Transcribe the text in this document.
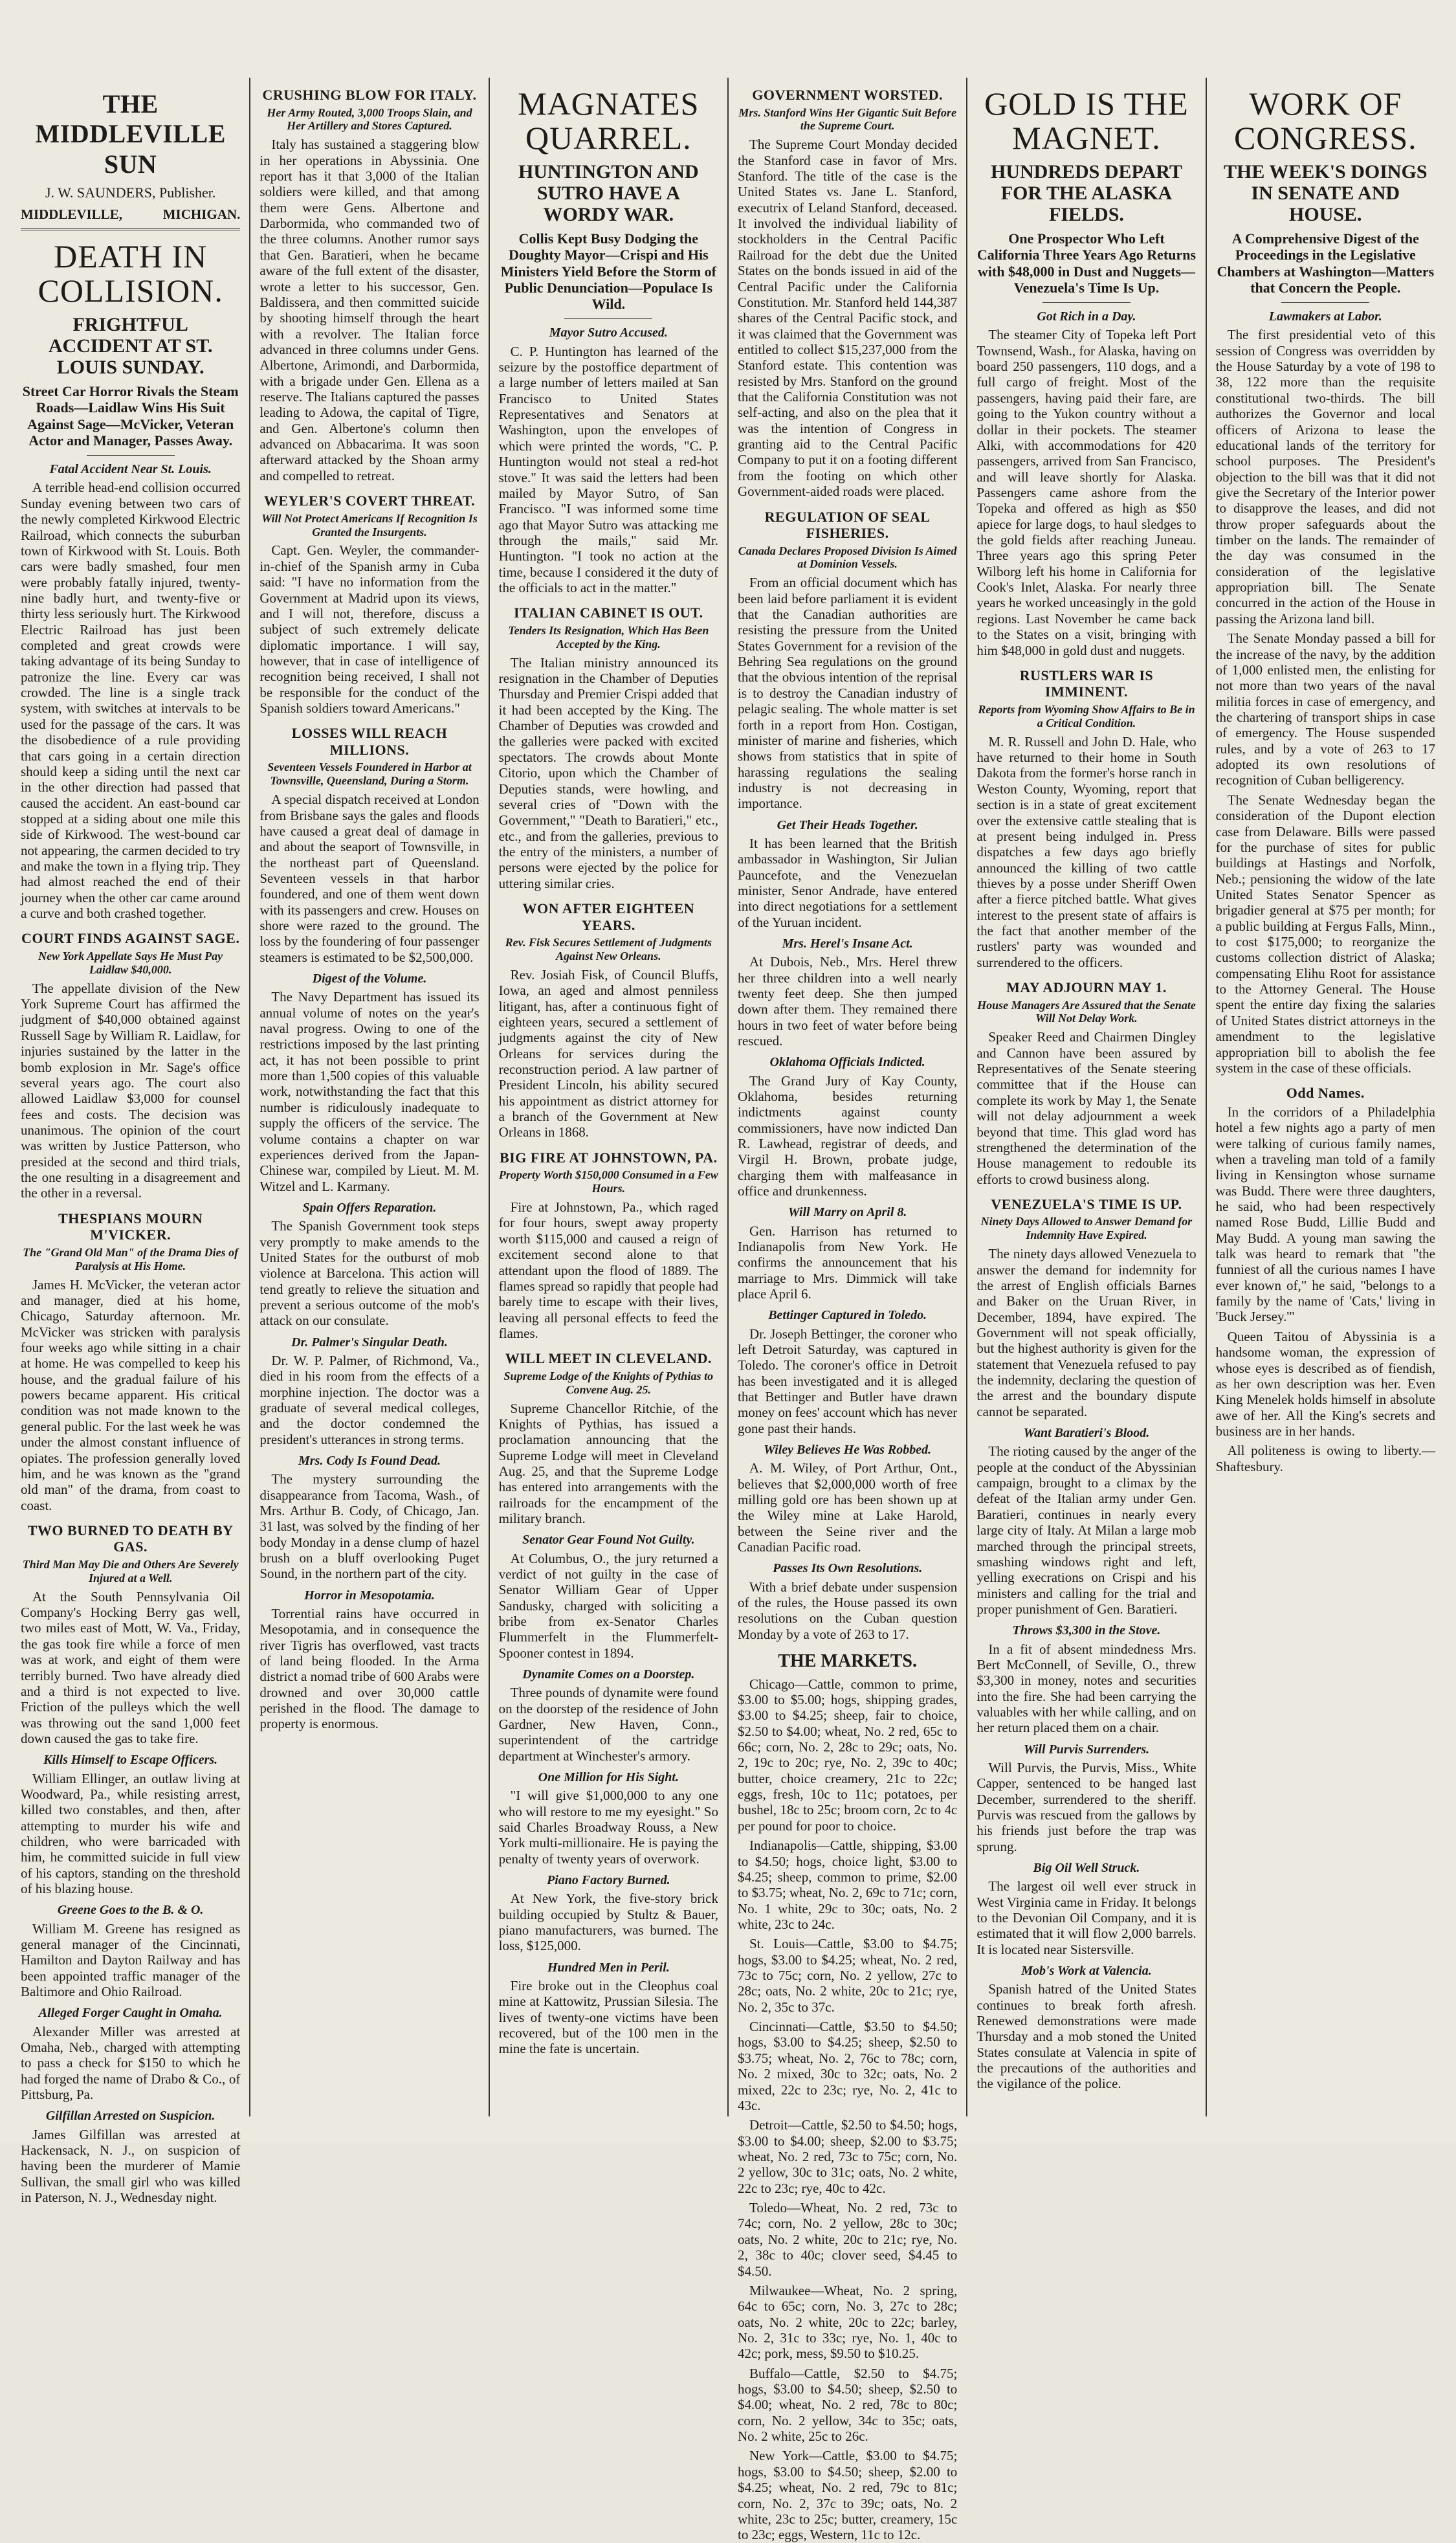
THE MIDDLEVILLE SUN
J. W. SAUNDERS, Publisher.
MIDDLEVILLE,	MICHIGAN.
DEATH IN COLLISION.
FRIGHTFUL ACCIDENT AT ST. LOUIS SUNDAY.
Street Car Horror Rivals the Steam Roads—Laidlaw Wins His Suit Against Sage—McVicker, Veteran Actor and Manager, Passes Away.
Fatal Accident Near St. Louis.

A terrible head-end collision occurred Sunday evening between two cars of the newly completed Kirkwood Electric Railroad, which connects the suburban town of Kirkwood with St. Louis. Both cars were badly smashed, four men were probably fatally injured, twenty-nine badly hurt, and twenty-five or thirty less seriously hurt. The Kirkwood Electric Railroad has just been completed and great crowds were taking advantage of its being Sunday to patronize the line. Every car was crowded. The line is a single track system, with switches at intervals to be used for the passage of the cars. It was the disobedience of a rule providing that cars going in a certain direction should keep a siding until the next car in the other direction had passed that caused the accident. An east-bound car stopped at a siding about one mile this side of Kirkwood. The west-bound car not appearing, the carmen decided to try and make the town in a flying trip. They had almost reached the end of their journey when the other car came around a curve and both crashed together.

COURT FINDS AGAINST SAGE.
New York Appellate Says He Must Pay Laidlaw $40,000.

The appellate division of the New York Supreme Court has affirmed the judgment of $40,000 obtained against Russell Sage by William R. Laidlaw, for injuries sustained by the latter in the bomb explosion in Mr. Sage's office several years ago. The court also allowed Laidlaw $3,000 for counsel fees and costs. The decision was unanimous. The opinion of the court was written by Justice Patterson, who presided at the second and third trials, the one resulting in a disagreement and the other in a reversal.

THESPIANS MOURN M'VICKER.
The "Grand Old Man" of the Drama Dies of Paralysis at His Home.

James H. McVicker, the veteran actor and manager, died at his home, Chicago, Saturday afternoon. Mr. McVicker was stricken with paralysis four weeks ago while sitting in a chair at home. He was compelled to keep his house, and the gradual failure of his powers became apparent. His critical condition was not made known to the general public. For the last week he was under the almost constant influence of opiates. The profession generally loved him, and he was known as the "grand old man" of the drama, from coast to coast.

TWO BURNED TO DEATH BY GAS.
Third Man May Die and Others Are Severely Injured at a Well.

At the South Pennsylvania Oil Company's Hocking Berry gas well, two miles east of Mott, W. Va., Friday, the gas took fire while a force of men was at work, and eight of them were terribly burned. Two have already died and a third is not expected to live. Friction of the pulleys which the well was throwing out the sand 1,000 feet down caused the gas to take fire.

Kills Himself to Escape Officers.

William Ellinger, an outlaw living at Woodward, Pa., while resisting arrest, killed two constables, and then, after attempting to murder his wife and children, who were barricaded with him, he committed suicide in full view of his captors, standing on the threshold of his blazing house.

Greene Goes to the B. & O.

William M. Greene has resigned as general manager of the Cincinnati, Hamilton and Dayton Railway and has been appointed traffic manager of the Baltimore and Ohio Railroad.

Alleged Forger Caught in Omaha.

Alexander Miller was arrested at Omaha, Neb., charged with attempting to pass a check for $150 to which he had forged the name of Drabo & Co., of Pittsburg, Pa.

Gilfillan Arrested on Suspicion.

James Gilfillan was arrested at Hackensack, N. J., on suspicion of having been the murderer of Mamie Sullivan, the small girl who was killed in Paterson, N. J., Wednesday night.

CRUSHING BLOW FOR ITALY.
Her Army Routed, 3,000 Troops Slain, and Her Artillery and Stores Captured.

Italy has sustained a staggering blow in her operations in Abyssinia. One report has it that 3,000 of the Italian soldiers were killed, and that among them were Gens. Albertone and Darbormida, who commanded two of the three columns. Another rumor says that Gen. Baratieri, when he became aware of the full extent of the disaster, wrote a letter to his successor, Gen. Baldissera, and then committed suicide by shooting himself through the heart with a revolver. The Italian force advanced in three columns under Gens. Albertone, Arimondi, and Darbormida, with a brigade under Gen. Ellena as a reserve. The Italians captured the passes leading to Adowa, the capital of Tigre, and Gen. Albertone's column then advanced on Abbacarima. It was soon afterward attacked by the Shoan army and compelled to retreat.

WEYLER'S COVERT THREAT.
Will Not Protect Americans If Recognition Is Granted the Insurgents.

Capt. Gen. Weyler, the commander-in-chief of the Spanish army in Cuba said: "I have no information from the Government at Madrid upon its views, and I will not, therefore, discuss a subject of such extremely delicate diplomatic importance. I will say, however, that in case of intelligence of recognition being received, I shall not be responsible for the conduct of the Spanish soldiers toward Americans."

LOSSES WILL REACH MILLIONS.
Seventeen Vessels Foundered in Harbor at Townsville, Queensland, During a Storm.

A special dispatch received at London from Brisbane says the gales and floods have caused a great deal of damage in and about the seaport of Townsville, in the northeast part of Queensland. Seventeen vessels in that harbor foundered, and one of them went down with its passengers and crew. Houses on shore were razed to the ground. The loss by the foundering of four passenger steamers is estimated to be $2,500,000.

Digest of the Volume.

The Navy Department has issued its annual volume of notes on the year's naval progress. Owing to one of the restrictions imposed by the last printing act, it has not been possible to print more than 1,500 copies of this valuable work, notwithstanding the fact that this number is ridiculously inadequate to supply the officers of the service. The volume contains a chapter on war experiences derived from the Japan-Chinese war, compiled by Lieut. M. M. Witzel and L. Karmany.

Spain Offers Reparation.

The Spanish Government took steps very promptly to make amends to the United States for the outburst of mob violence at Barcelona. This action will tend greatly to relieve the situation and prevent a serious outcome of the mob's attack on our consulate.

Dr. Palmer's Singular Death.

Dr. W. P. Palmer, of Richmond, Va., died in his room from the effects of a morphine injection. The doctor was a graduate of several medical colleges, and the doctor condemned the president's utterances in strong terms.

Mrs. Cody Is Found Dead.

The mystery surrounding the disappearance from Tacoma, Wash., of Mrs. Arthur B. Cody, of Chicago, Jan. 31 last, was solved by the finding of her body Monday in a dense clump of hazel brush on a bluff overlooking Puget Sound, in the northern part of the city.

Horror in Mesopotamia.

Torrential rains have occurred in Mesopotamia, and in consequence the river Tigris has overflowed, vast tracts of land being flooded. In the Arma district a nomad tribe of 600 Arabs were drowned and over 30,000 cattle perished in the flood. The damage to property is enormous.

MAGNATES QUARREL.
HUNTINGTON AND SUTRO HAVE A WORDY WAR.
Collis Kept Busy Dodging the Doughty Mayor—Crispi and His Ministers Yield Before the Storm of Public Denunciation—Populace Is Wild.
Mayor Sutro Accused.

C. P. Huntington has learned of the seizure by the postoffice department of a large number of letters mailed at San Francisco to United States Representatives and Senators at Washington, upon the envelopes of which were printed the words, "C. P. Huntington would not steal a red-hot stove." It was said the letters had been mailed by Mayor Sutro, of San Francisco. "I was informed some time ago that Mayor Sutro was attacking me through the mails," said Mr. Huntington. "I took no action at the time, because I considered it the duty of the officials to act in the matter."

ITALIAN CABINET IS OUT.
Tenders Its Resignation, Which Has Been Accepted by the King.

The Italian ministry announced its resignation in the Chamber of Deputies Thursday and Premier Crispi added that it had been accepted by the King. The Chamber of Deputies was crowded and the galleries were packed with excited spectators. The crowds about Monte Citorio, upon which the Chamber of Deputies stands, were howling, and several cries of "Down with the Government," "Death to Baratieri," etc., etc., and from the galleries, previous to the entry of the ministers, a number of persons were ejected by the police for uttering similar cries.

WON AFTER EIGHTEEN YEARS.
Rev. Fisk Secures Settlement of Judgments Against New Orleans.

Rev. Josiah Fisk, of Council Bluffs, Iowa, an aged and almost penniless litigant, has, after a continuous fight of eighteen years, secured a settlement of judgments against the city of New Orleans for services during the reconstruction period. A law partner of President Lincoln, his ability secured his appointment as district attorney for a branch of the Government at New Orleans in 1868.

BIG FIRE AT JOHNSTOWN, PA.
Property Worth $150,000 Consumed in a Few Hours.

Fire at Johnstown, Pa., which raged for four hours, swept away property worth $115,000 and caused a reign of excitement second alone to that attendant upon the flood of 1889. The flames spread so rapidly that people had barely time to escape with their lives, leaving all personal effects to feed the flames.

WILL MEET IN CLEVELAND.
Supreme Lodge of the Knights of Pythias to Convene Aug. 25.

Supreme Chancellor Ritchie, of the Knights of Pythias, has issued a proclamation announcing that the Supreme Lodge will meet in Cleveland Aug. 25, and that the Supreme Lodge has entered into arrangements with the railroads for the encampment of the military branch.

Senator Gear Found Not Guilty.

At Columbus, O., the jury returned a verdict of not guilty in the case of Senator William Gear of Upper Sandusky, charged with soliciting a bribe from ex-Senator Charles Flummerfelt in the Flummerfelt-Spooner contest in 1894.

Dynamite Comes on a Doorstep.

Three pounds of dynamite were found on the doorstep of the residence of John Gardner, New Haven, Conn., superintendent of the cartridge department at Winchester's armory.

One Million for His Sight.

"I will give $1,000,000 to any one who will restore to me my eyesight." So said Charles Broadway Rouss, a New York multi-millionaire. He is paying the penalty of twenty years of overwork.

Piano Factory Burned.

At New York, the five-story brick building occupied by Stultz & Bauer, piano manufacturers, was burned. The loss, $125,000.

Hundred Men in Peril.

Fire broke out in the Cleophus coal mine at Kattowitz, Prussian Silesia. The lives of twenty-one victims have been recovered, but of the 100 men in the mine the fate is uncertain.

GOVERNMENT WORSTED.
Mrs. Stanford Wins Her Gigantic Suit Before the Supreme Court.

The Supreme Court Monday decided the Stanford case in favor of Mrs. Stanford. The title of the case is the United States vs. Jane L. Stanford, executrix of Leland Stanford, deceased. It involved the individual liability of stockholders in the Central Pacific Railroad for the debt due the United States on the bonds issued in aid of the Central Pacific under the California Constitution. Mr. Stanford held 144,387 shares of the Central Pacific stock, and it was claimed that the Government was entitled to collect $15,237,000 from the Stanford estate. This contention was resisted by Mrs. Stanford on the ground that the California Constitution was not self-acting, and also on the plea that it was the intention of Congress in granting aid to the Central Pacific Company to put it on a footing different from the footing on which other Government-aided roads were placed.

REGULATION OF SEAL FISHERIES.
Canada Declares Proposed Division Is Aimed at Dominion Vessels.

From an official document which has been laid before parliament it is evident that the Canadian authorities are resisting the pressure from the United States Government for a revision of the Behring Sea regulations on the ground that the obvious intention of the reprisal is to destroy the Canadian industry of pelagic sealing. The whole matter is set forth in a report from Hon. Costigan, minister of marine and fisheries, which shows from statistics that in spite of harassing regulations the sealing industry is not decreasing in importance.

Get Their Heads Together.

It has been learned that the British ambassador in Washington, Sir Julian Pauncefote, and the Venezuelan minister, Senor Andrade, have entered into direct negotiations for a settlement of the Yuruan incident.

Mrs. Herel's Insane Act.

At Dubois, Neb., Mrs. Herel threw her three children into a well nearly twenty feet deep. She then jumped down after them. They remained there hours in two feet of water before being rescued.

Oklahoma Officials Indicted.

The Grand Jury of Kay County, Oklahoma, besides returning indictments against county commissioners, have now indicted Dan R. Lawhead, registrar of deeds, and Virgil H. Brown, probate judge, charging them with malfeasance in office and drunkenness.

Will Marry on April 8.

Gen. Harrison has returned to Indianapolis from New York. He confirms the announcement that his marriage to Mrs. Dimmick will take place April 6.

Bettinger Captured in Toledo.

Dr. Joseph Bettinger, the coroner who left Detroit Saturday, was captured in Toledo. The coroner's office in Detroit has been investigated and it is alleged that Bettinger and Butler have drawn money on fees' account which has never gone past their hands.

Wiley Believes He Was Robbed.

A. M. Wiley, of Port Arthur, Ont., believes that $2,000,000 worth of free milling gold ore has been shown up at the Wiley mine at Lake Harold, between the Seine river and the Canadian Pacific road.

Passes Its Own Resolutions.

With a brief debate under suspension of the rules, the House passed its own resolutions on the Cuban question Monday by a vote of 263 to 17.

THE MARKETS.

Chicago—Cattle, common to prime, $3.00 to $5.00; hogs, shipping grades, $3.00 to $4.25; sheep, fair to choice, $2.50 to $4.00; wheat, No. 2 red, 65c to 66c; corn, No. 2, 28c to 29c; oats, No. 2, 19c to 20c; rye, No. 2, 39c to 40c; butter, choice creamery, 21c to 22c; eggs, fresh, 10c to 11c; potatoes, per bushel, 18c to 25c; broom corn, 2c to 4c per pound for poor to choice.

Indianapolis—Cattle, shipping, $3.00 to $4.50; hogs, choice light, $3.00 to $4.25; sheep, common to prime, $2.00 to $3.75; wheat, No. 2, 69c to 71c; corn, No. 1 white, 29c to 30c; oats, No. 2 white, 23c to 24c.

St. Louis—Cattle, $3.00 to $4.75; hogs, $3.00 to $4.25; wheat, No. 2 red, 73c to 75c; corn, No. 2 yellow, 27c to 28c; oats, No. 2 white, 20c to 21c; rye, No. 2, 35c to 37c.

Cincinnati—Cattle, $3.50 to $4.50; hogs, $3.00 to $4.25; sheep, $2.50 to $3.75; wheat, No. 2, 76c to 78c; corn, No. 2 mixed, 30c to 32c; oats, No. 2 mixed, 22c to 23c; rye, No. 2, 41c to 43c.

Detroit—Cattle, $2.50 to $4.50; hogs, $3.00 to $4.00; sheep, $2.00 to $3.75; wheat, No. 2 red, 73c to 75c; corn, No. 2 yellow, 30c to 31c; oats, No. 2 white, 22c to 23c; rye, 40c to 42c.

Toledo—Wheat, No. 2 red, 73c to 74c; corn, No. 2 yellow, 28c to 30c; oats, No. 2 white, 20c to 21c; rye, No. 2, 38c to 40c; clover seed, $4.45 to $4.50.

Milwaukee—Wheat, No. 2 spring, 64c to 65c; corn, No. 3, 27c to 28c; oats, No. 2 white, 20c to 22c; barley, No. 2, 31c to 33c; rye, No. 1, 40c to 42c; pork, mess, $9.50 to $10.25.

Buffalo—Cattle, $2.50 to $4.75; hogs, $3.00 to $4.50; sheep, $2.50 to $4.00; wheat, No. 2 red, 78c to 80c; corn, No. 2 yellow, 34c to 35c; oats, No. 2 white, 25c to 26c.

New York—Cattle, $3.00 to $4.75; hogs, $3.00 to $4.50; sheep, $2.00 to $4.25; wheat, No. 2 red, 79c to 81c; corn, No. 2, 37c to 39c; oats, No. 2 white, 23c to 25c; butter, creamery, 15c to 23c; eggs, Western, 11c to 12c.

GOLD IS THE MAGNET.
HUNDREDS DEPART FOR THE ALASKA FIELDS.
One Prospector Who Left California Three Years Ago Returns with $48,000 in Dust and Nuggets—Venezuela's Time Is Up.
Got Rich in a Day.

The steamer City of Topeka left Port Townsend, Wash., for Alaska, having on board 250 passengers, 110 dogs, and a full cargo of freight. Most of the passengers, having paid their fare, are going to the Yukon country without a dollar in their pockets. The steamer Alki, with accommodations for 420 passengers, arrived from San Francisco, and will leave shortly for Alaska. Passengers came ashore from the Topeka and offered as high as $50 apiece for large dogs, to haul sledges to the gold fields after reaching Juneau. Three years ago this spring Peter Wilborg left his home in California for Cook's Inlet, Alaska. For nearly three years he worked unceasingly in the gold regions. Last November he came back to the States on a visit, bringing with him $48,000 in gold dust and nuggets.

RUSTLERS WAR IS IMMINENT.
Reports from Wyoming Show Affairs to Be in a Critical Condition.

M. R. Russell and John D. Hale, who have returned to their home in South Dakota from the former's horse ranch in Weston County, Wyoming, report that section is in a state of great excitement over the extensive cattle stealing that is at present being indulged in. Press dispatches a few days ago briefly announced the killing of two cattle thieves by a posse under Sheriff Owen after a fierce pitched battle. What gives interest to the present state of affairs is the fact that another member of the rustlers' party was wounded and surrendered to the officers.

MAY ADJOURN MAY 1.
House Managers Are Assured that the Senate Will Not Delay Work.

Speaker Reed and Chairmen Dingley and Cannon have been assured by Representatives of the Senate steering committee that if the House can complete its work by May 1, the Senate will not delay adjournment a week beyond that time. This glad word has strengthened the determination of the House management to redouble its efforts to crowd business along.

VENEZUELA'S TIME IS UP.
Ninety Days Allowed to Answer Demand for Indemnity Have Expired.

The ninety days allowed Venezuela to answer the demand for indemnity for the arrest of English officials Barnes and Baker on the Uruan River, in December, 1894, have expired. The Government will not speak officially, but the highest authority is given for the statement that Venezuela refused to pay the indemnity, declaring the question of the arrest and the boundary dispute cannot be separated.

Want Baratieri's Blood.

The rioting caused by the anger of the people at the conduct of the Abyssinian campaign, brought to a climax by the defeat of the Italian army under Gen. Baratieri, continues in nearly every large city of Italy. At Milan a large mob marched through the principal streets, smashing windows right and left, yelling execrations on Crispi and his ministers and calling for the trial and proper punishment of Gen. Baratieri.

Throws $3,300 in the Stove.

In a fit of absent mindedness Mrs. Bert McConnell, of Seville, O., threw $3,300 in money, notes and securities into the fire. She had been carrying the valuables with her while calling, and on her return placed them on a chair.

Will Purvis Surrenders.

Will Purvis, the Purvis, Miss., White Capper, sentenced to be hanged last December, surrendered to the sheriff. Purvis was rescued from the gallows by his friends just before the trap was sprung.

Big Oil Well Struck.

The largest oil well ever struck in West Virginia came in Friday. It belongs to the Devonian Oil Company, and it is estimated that it will flow 2,000 barrels. It is located near Sistersville.

Mob's Work at Valencia.

Spanish hatred of the United States continues to break forth afresh. Renewed demonstrations were made Thursday and a mob stoned the United States consulate at Valencia in spite of the precautions of the authorities and the vigilance of the police.

WORK OF CONGRESS.
THE WEEK'S DOINGS IN SENATE AND HOUSE.
A Comprehensive Digest of the Proceedings in the Legislative Chambers at Washington—Matters that Concern the People.
Lawmakers at Labor.

The first presidential veto of this session of Congress was overridden by the House Saturday by a vote of 198 to 38, 122 more than the requisite constitutional two-thirds. The bill authorizes the Governor and local officers of Arizona to lease the educational lands of the territory for school purposes. The President's objection to the bill was that it did not give the Secretary of the Interior power to disapprove the leases, and did not throw proper safeguards about the timber on the lands. The remainder of the day was consumed in the consideration of the legislative appropriation bill. The Senate concurred in the action of the House in passing the Arizona land bill.

The Senate Monday passed a bill for the increase of the navy, by the addition of 1,000 enlisted men, the enlisting for not more than two years of the naval militia forces in case of emergency, and the chartering of transport ships in case of emergency. The House suspended rules, and by a vote of 263 to 17 adopted its own resolutions of recognition of Cuban belligerency.

The Senate Wednesday began the consideration of the Dupont election case from Delaware. Bills were passed for the purchase of sites for public buildings at Hastings and Norfolk, Neb.; pensioning the widow of the late United States Senator Spencer as brigadier general at $75 per month; for a public building at Fergus Falls, Minn., to cost $175,000; to reorganize the customs collection district of Alaska; compensating Elihu Root for assistance to the Attorney General. The House spent the entire day fixing the salaries of United States district attorneys in the amendment to the legislative appropriation bill to abolish the fee system in the case of these officials.

Odd Names.

In the corridors of a Philadelphia hotel a few nights ago a party of men were talking of curious family names, when a traveling man told of a family living in Kensington whose surname was Budd. There were three daughters, he said, who had been respectively named Rose Budd, Lillie Budd and May Budd. A young man sawing the talk was heard to remark that "the funniest of all the curious names I have ever known of," he said, "belongs to a family by the name of 'Cats,' living in 'Buck Jersey.'"

Queen Taitou of Abyssinia is a handsome woman, the expression of whose eyes is described as of fiendish, as her own description was her. Even King Menelek holds himself in absolute awe of her. All the King's secrets and business are in her hands.

All politeness is owing to liberty.—Shaftesbury.
